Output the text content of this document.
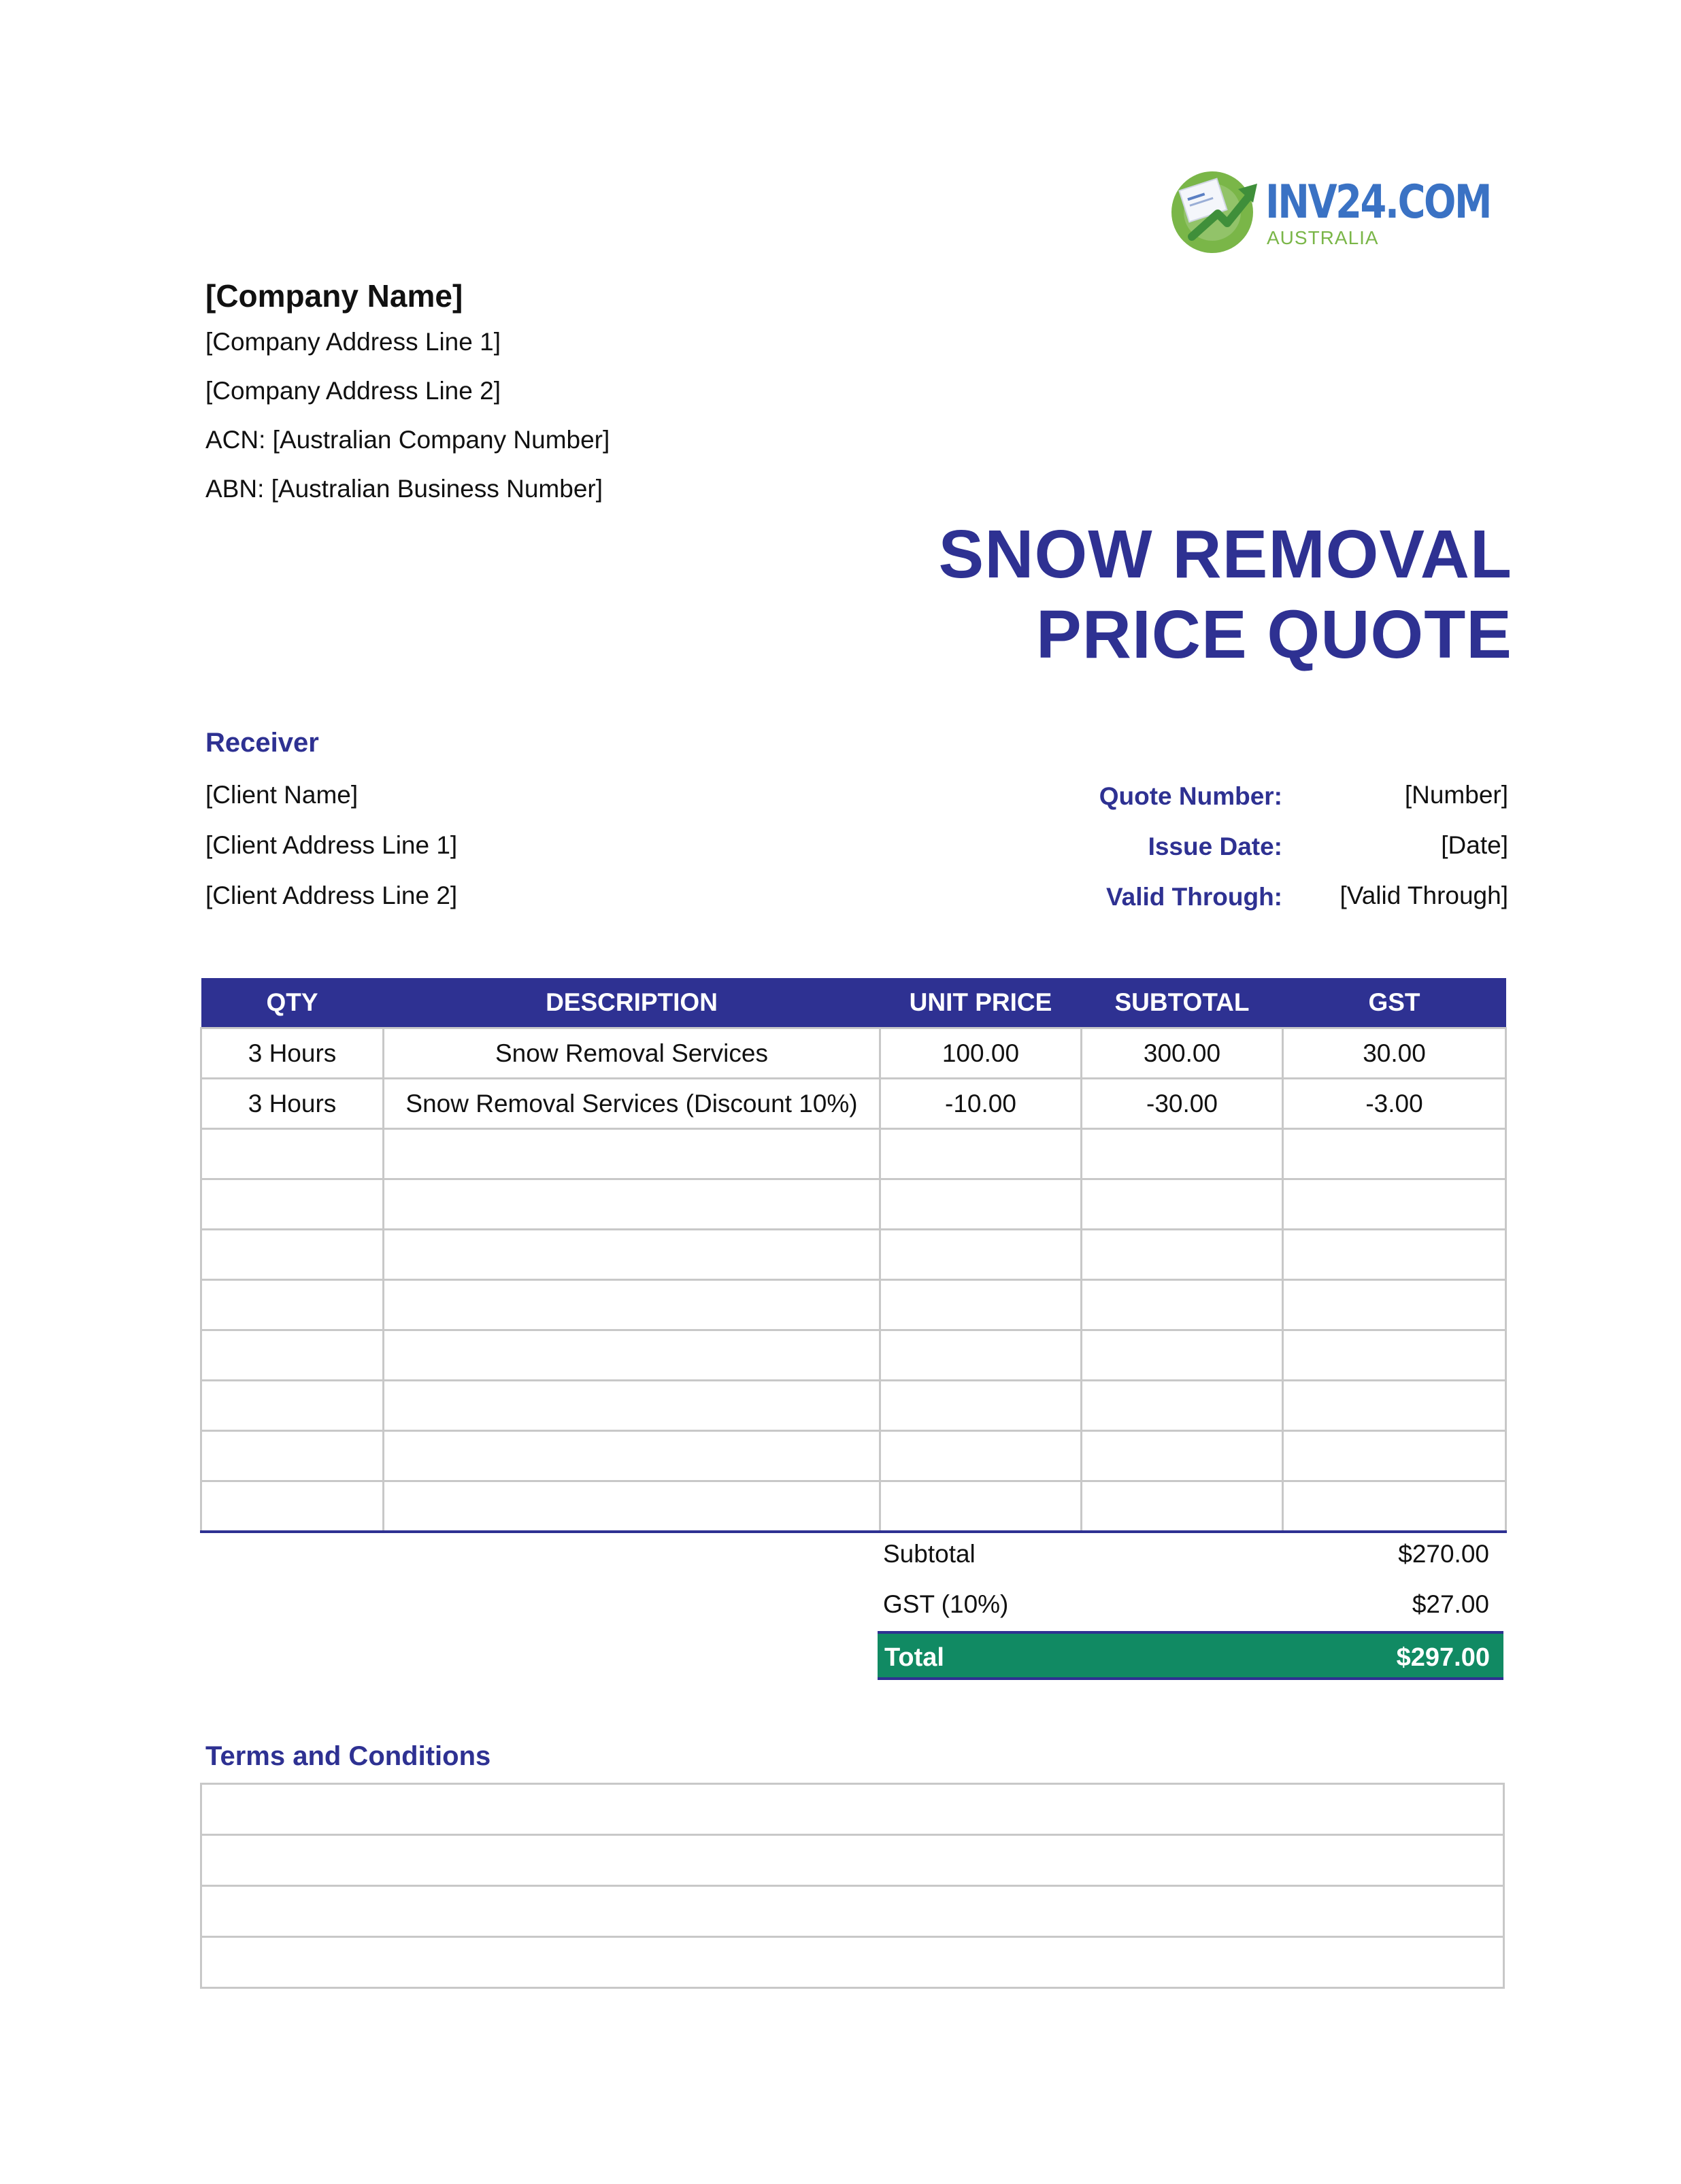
INV24.COM
AUSTRALIA
[Company Name]
[Company Address Line 1]
[Company Address Line 2]
ACN: [Australian Company Number]
ABN: [Australian Business Number]
SNOW REMOVAL
PRICE QUOTE
Receiver
[Client Name]
[Client Address Line 1]
[Client Address Line 2]
Quote Number:	[Number]
Issue Date:	[Date]
Valid Through: [Valid Through]
QTY	DESCRIPTION	UNIT PRICE	SUBTOTAL	GST
3 Hours	Snow Removal Services	100.00	300.00	30.00
3 Hours	Snow Removal Services (Discount 10%)	-10.00	-30.00	-3.00

Subtotal	$270.00
GST (10%)	$27.00
Total	$297.00
Terms and Conditions
